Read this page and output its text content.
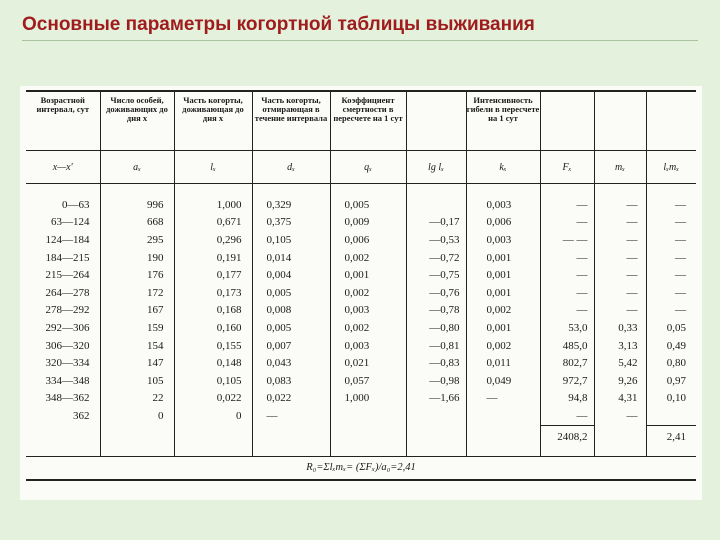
Основные параметры когортной таблицы выживания
Возрастной интервал, сут	Число особей, доживающих до дня x	Часть когорты, доживающая до дня x	Часть когорты, отмирающая в течение интервала	Коэффициент смертности в пересчете на 1 сут		Интенсивность гибели в пересчете на 1 сут			
x—x'	aₓ	lₓ	dₓ	qₓ	lg lₓ	kₓ	Fₓ	mₓ	lₓmₓ

0—63	996	1,000	0,329	0,005		0,003	—	—	—
63—124	668	0,671	0,375	0,009	—0,17	0,006	—	—	—
124—184	295	0,296	0,105	0,006	—0,53	0,003	— —	—	—
184—215	190	0,191	0,014	0,002	—0,72	0,001	—	—	—
215—264	176	0,177	0,004	0,001	—0,75	0,001	—	—	—
264—278	172	0,173	0,005	0,002	—0,76	0,001	—	—	—
278—292	167	0,168	0,008	0,003	—0,78	0,002	—	—	—
292—306	159	0,160	0,005	0,002	—0,80	0,001	53,0	0,33	0,05
306—320	154	0,155	0,007	0,003	—0,81	0,002	485,0	3,13	0,49
320—334	147	0,148	0,043	0,021	—0,83	0,011	802,7	5,42	0,80
334—348	105	0,105	0,083	0,057	—0,98	0,049	972,7	9,26	0,97
348—362	22	0,022	0,022	1,000	—1,66	—	94,8	4,31	0,10
362	0	0	—				—	—	
							2408,2		2,41

R₀=Σlₓmₓ= (ΣFₓ)/a₀=2,41									
